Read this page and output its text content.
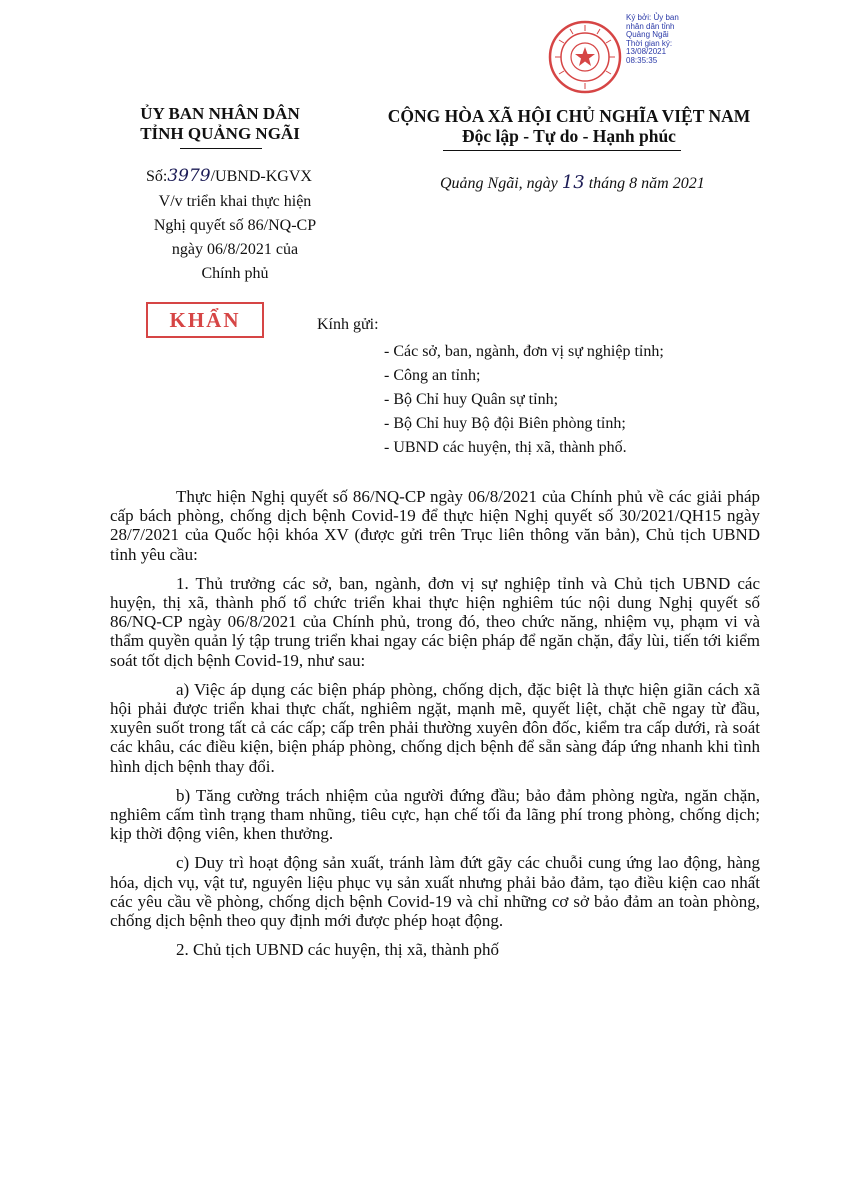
Ký bởi: Ủy ban
nhân dân tỉnh
Quảng Ngãi
Thời gian ký:
13/08/2021
08:35:35
ỦY BAN NHÂN DÂN
TỈNH QUẢNG NGÃI
CỘNG HÒA XÃ HỘI CHỦ NGHĨA VIỆT NAM
Độc lập - Tự do - Hạnh phúc
Số:3979/UBND-KGVX	Quảng Ngãi, ngày 13 tháng 8 năm 2021
V/v triển khai thực hiện
Nghị quyết số 86/NQ-CP
ngày 06/8/2021 của
Chính phủ
KHẨN	Kính gửi:
- Các sở, ban, ngành, đơn vị sự nghiệp tỉnh;
- Công an tỉnh;
- Bộ Chỉ huy Quân sự tỉnh;
- Bộ Chỉ huy Bộ đội Biên phòng tỉnh;
- UBND các huyện, thị xã, thành phố.

Thực hiện Nghị quyết số 86/NQ-CP ngày 06/8/2021 của Chính phủ về các giải pháp cấp bách phòng, chống dịch bệnh Covid-19 để thực hiện Nghị quyết số 30/2021/QH15 ngày 28/7/2021 của Quốc hội khóa XV (được gửi trên Trục liên thông văn bản), Chủ tịch UBND tỉnh yêu cầu:

1. Thủ trưởng các sở, ban, ngành, đơn vị sự nghiệp tỉnh và Chủ tịch UBND các huyện, thị xã, thành phố tổ chức triển khai thực hiện nghiêm túc nội dung Nghị quyết số 86/NQ-CP ngày 06/8/2021 của Chính phủ, trong đó, theo chức năng, nhiệm vụ, phạm vi và thẩm quyền quản lý tập trung triển khai ngay các biện pháp để ngăn chặn, đẩy lùi, tiến tới kiểm soát tốt dịch bệnh Covid-19, như sau:

a) Việc áp dụng các biện pháp phòng, chống dịch, đặc biệt là thực hiện giãn cách xã hội phải được triển khai thực chất, nghiêm ngặt, mạnh mẽ, quyết liệt, chặt chẽ ngay từ đầu, xuyên suốt trong tất cả các cấp; cấp trên phải thường xuyên đôn đốc, kiểm tra cấp dưới, rà soát các khâu, các điều kiện, biện pháp phòng, chống dịch bệnh để sẵn sàng đáp ứng nhanh khi tình hình dịch bệnh thay đổi.

b) Tăng cường trách nhiệm của người đứng đầu; bảo đảm phòng ngừa, ngăn chặn, nghiêm cấm tình trạng tham nhũng, tiêu cực, hạn chế tối đa lãng phí trong phòng, chống dịch; kịp thời động viên, khen thưởng.

c) Duy trì hoạt động sản xuất, tránh làm đứt gãy các chuỗi cung ứng lao động, hàng hóa, dịch vụ, vật tư, nguyên liệu phục vụ sản xuất nhưng phải bảo đảm, tạo điều kiện cao nhất các yêu cầu về phòng, chống dịch bệnh Covid-19 và chỉ những cơ sở bảo đảm an toàn phòng, chống dịch bệnh theo quy định mới được phép hoạt động.

2. Chủ tịch UBND các huyện, thị xã, thành phố
